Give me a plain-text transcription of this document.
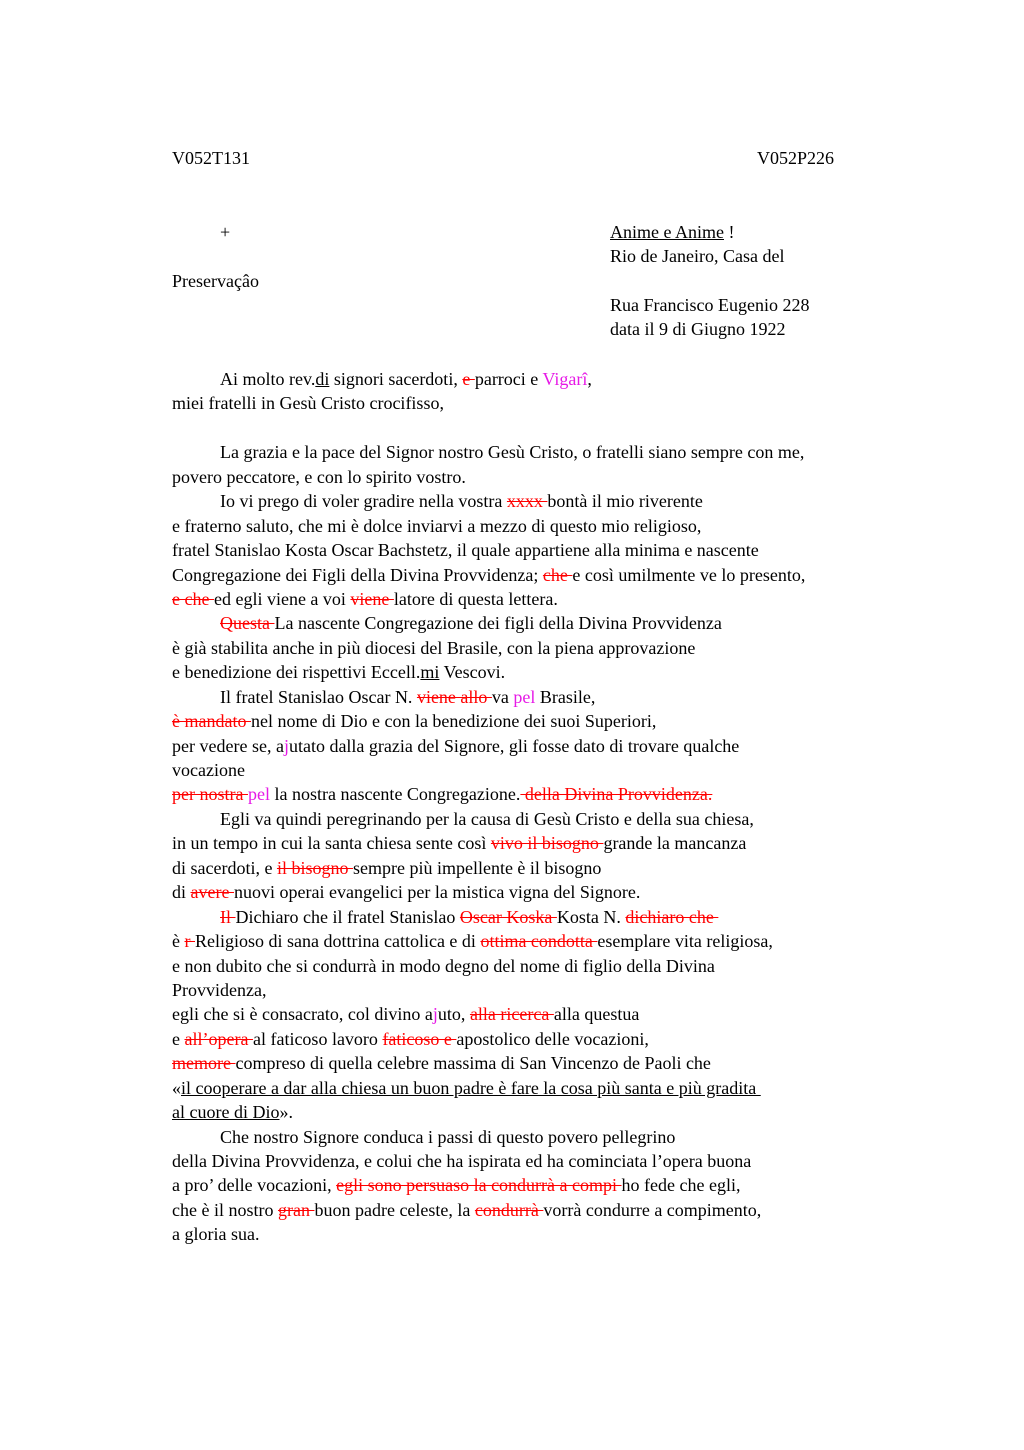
V052T131	V052P226
+	Anime e Anime !
Rio de Janeiro, Casa del
Preservaçâo
Rua Francisco Eugenio 228
data il 9 di Giugno 1922
Ai molto rev.di signori sacerdoti, e parroci e Vigarî,
miei fratelli in Gesù Cristo crocifisso,
La grazia e la pace del Signor nostro Gesù Cristo, o fratelli siano sempre con me,
povero peccatore, e con lo spirito vostro.
Io vi prego di voler gradire nella vostra xxxx bontà il mio riverente
e fraterno saluto, che mi è dolce inviarvi a mezzo di questo mio religioso,
fratel Stanislao Kosta Oscar Bachstetz, il quale appartiene alla minima e nascente
Congregazione dei Figli della Divina Provvidenza; che e così umilmente ve lo presento,
e che ed egli viene a voi viene latore di questa lettera.
Questa La nascente Congregazione dei figli della Divina Provvidenza
è già stabilita anche in più diocesi del Brasile, con la piena approvazione
e benedizione dei rispettivi Eccell.mi Vescovi.
Il fratel Stanislao Oscar N. viene allo va pel Brasile,
è mandato nel nome di Dio e con la benedizione dei suoi Superiori,
per vedere se, ajutato dalla grazia del Signore, gli fosse dato di trovare qualche
vocazione
per nostra pel la nostra nascente Congregazione. della Divina Provvidenza.
Egli va quindi peregrinando per la causa di Gesù Cristo e della sua chiesa,
in un tempo in cui la santa chiesa sente così vivo il bisogno grande la mancanza
di sacerdoti, e il bisogno sempre più impellente è il bisogno
di avere nuovi operai evangelici per la mistica vigna del Signore.
Il Dichiaro che il fratel Stanislao Oscar Koska Kosta N. dichiaro che
è r Religioso di sana dottrina cattolica e di ottima condotta esemplare vita religiosa,
e non dubito che si condurrà in modo degno del nome di figlio della Divina
Provvidenza,
egli che si è consacrato, col divino ajuto, alla ricerca alla questua
e all’opera al faticoso lavoro faticoso e apostolico delle vocazioni,
memore compreso di quella celebre massima di San Vincenzo de Paoli che
«il cooperare a dar alla chiesa un buon padre è fare la cosa più santa e più gradita
al cuore di Dio».
Che nostro Signore conduca i passi di questo povero pellegrino
della Divina Provvidenza, e colui che ha ispirata ed ha cominciata l’opera buona
a pro’ delle vocazioni, egli sono persuaso la condurrà a compi ho fede che egli,
che è il nostro gran buon padre celeste, la condurrà vorrà condurre a compimento,
a gloria sua.
